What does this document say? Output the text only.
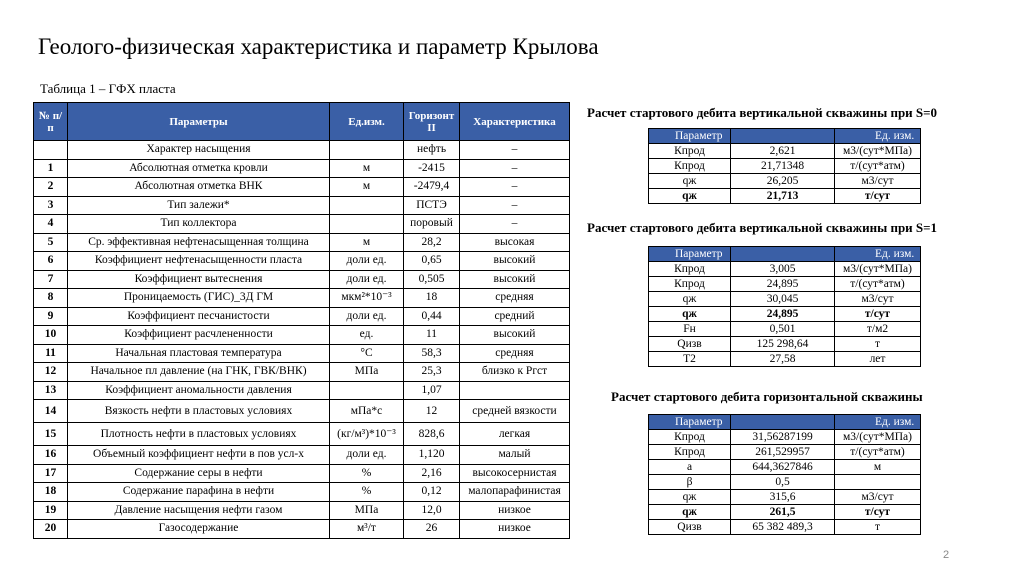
Геолого-физическая характеристика и параметр Крылова
Таблица 1 – ГФХ пласта
№ п/п	Параметры	Ед.изм.	Горизонт II	Характеристика
	Характер насыщения		нефть	–
1	Абсолютная отметка кровли	м	-2415	–
2	Абсолютная отметка ВНК	м	-2479,4	–
3	Тип залежи*		ПСТЭ	–
4	Тип коллектора		поровый	–
5	Ср. эффективная нефтенасыщенная толщина	м	28,2	высокая
6	Коэффициент нефтенасыщенности пласта	доли ед.	0,65	высокий
7	Коэффициент вытеснения	доли ед.	0,505	высокий
8	Проницаемость (ГИС)_3Д ГМ	мкм²*10⁻³	18	средняя
9	Коэффициент песчанистости	доли ед.	0,44	средний
10	Коэффициент расчлененности	ед.	11	высокий
11	Начальная пластовая температура	°С	58,3	средняя
12	Начальное пл давление (на ГНК, ГВК/ВНК)	МПа	25,3	близко к Ргст
13	Коэффициент аномальности давления		1,07	
14	Вязкость нефти в пластовых условиях	мПа*с	12	средней вязкости
15	Плотность нефти в пластовых условиях	(кг/м³)*10⁻³	828,6	легкая
16	Объемный коэффициент нефти в пов усл-х	доли ед.	1,120	малый
17	Содержание серы в нефти	%	2,16	высокосернистая
18	Содержание парафина в нефти	%	0,12	малопарафинистая
19	Давление насыщения нефти газом	МПа	12,0	низкое
20	Газосодержание	м³/т	26	низкое
Расчет стартового дебита вертикальной скважины при S=0
Параметр		Ед. изм.
Кпрод	2,621	м3/(сут*МПа)
Кпрод	21,71348	т/(сут*атм)
qж	26,205	м3/сут
qж	21,713	т/сут
Расчет стартового дебита вертикальной скважины при S=1
Параметр		Ед. изм.
Кпрод	3,005	м3/(сут*МПа)
Кпрод	24,895	т/(сут*атм)
qж	30,045	м3/сут
qж	24,895	т/сут
Fн	0,501	т/м2
Qизв	125 298,64	т
T2	27,58	лет
Расчет стартового дебита горизонтальной скважины
Параметр		Ед. изм.
Кпрод	31,56287199	м3/(сут*МПа)
Кпрод	261,529957	т/(сут*атм)
a	644,3627846	м
β	0,5	
qж	315,6	м3/сут
qж	261,5	т/сут
Qизв	65 382 489,3	т
2
